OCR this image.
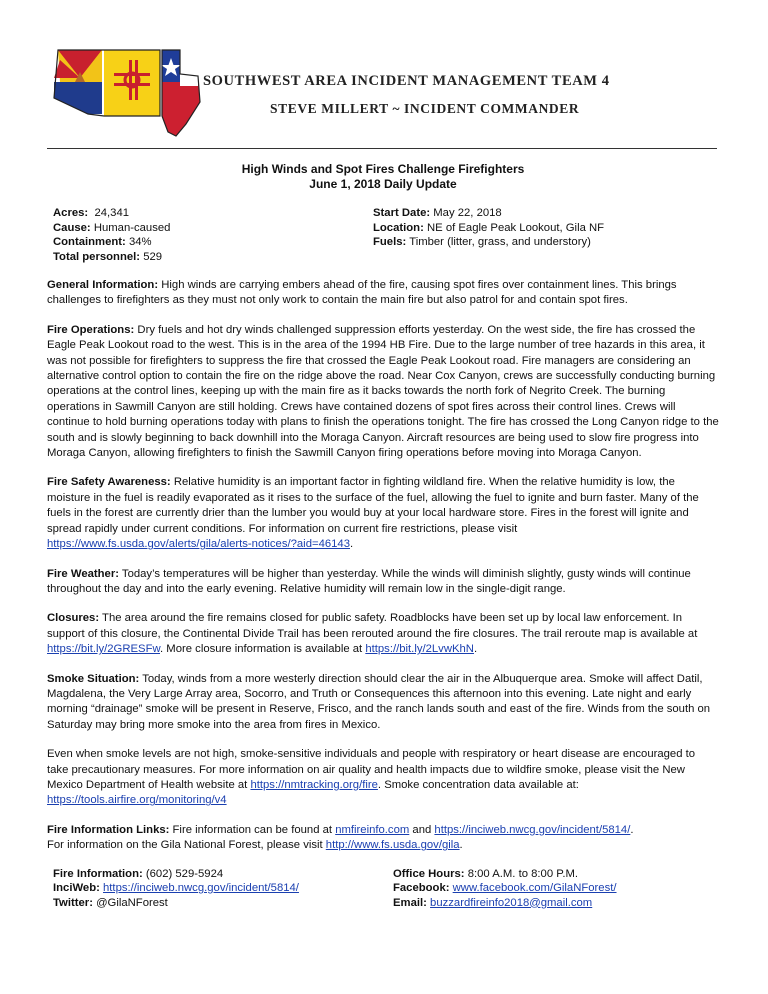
SOUTHWEST AREA INCIDENT MANAGEMENT TEAM 4
STEVE MILLERT ~ INCIDENT COMMANDER
High Winds and Spot Fires Challenge Firefighters
June 1, 2018 Daily Update
Acres: 24,341
Cause: Human-caused
Containment: 34%
Total personnel: 529
Start Date: May 22, 2018
Location: NE of Eagle Peak Lookout, Gila NF
Fuels: Timber (litter, grass, and understory)

General Information: High winds are carrying embers ahead of the fire, causing spot fires over containment lines. This brings challenges to firefighters as they must not only work to contain the main fire but also patrol for and contain spot fires.

Fire Operations: Dry fuels and hot dry winds challenged suppression efforts yesterday. On the west side, the fire has crossed the Eagle Peak Lookout road to the west. This is in the area of the 1994 HB Fire. Due to the large number of tree hazards in this area, it was not possible for firefighters to suppress the fire that crossed the Eagle Peak Lookout road. Fire managers are considering an alternative control option to contain the fire on the ridge above the road. Near Cox Canyon, crews are successfully conducting burning operations at the control lines, keeping up with the main fire as it backs towards the north fork of Negrito Creek. The burning operations in Sawmill Canyon are still holding. Crews have contained dozens of spot fires across their control lines. Crews will continue to hold burning operations today with plans to finish the operations tonight. The fire has crossed the Long Canyon ridge to the south and is slowly beginning to back downhill into the Moraga Canyon. Aircraft resources are being used to slow fire progress into Moraga Canyon, allowing firefighters to finish the Sawmill Canyon firing operations before moving into Moraga Canyon.

Fire Safety Awareness: Relative humidity is an important factor in fighting wildland fire. When the relative humidity is low, the moisture in the fuel is readily evaporated as it rises to the surface of the fuel, allowing the fuel to ignite and burn faster. Many of the fuels in the forest are currently drier than the lumber you would buy at your local hardware store. Fires in the forest will ignite and spread rapidly under current conditions. For information on current fire restrictions, please visit https://www.fs.usda.gov/alerts/gila/alerts-notices/?aid=46143.

Fire Weather: Today’s temperatures will be higher than yesterday. While the winds will diminish slightly, gusty winds will continue throughout the day and into the early evening. Relative humidity will remain low in the single-digit range.

Closures: The area around the fire remains closed for public safety. Roadblocks have been set up by local law enforcement. In support of this closure, the Continental Divide Trail has been rerouted around the fire closures. The trail reroute map is available at https://bit.ly/2GRESFw. More closure information is available at https://bit.ly/2LvwKhN.

Smoke Situation: Today, winds from a more westerly direction should clear the air in the Albuquerque area. Smoke will affect Datil, Magdalena, the Very Large Array area, Socorro, and Truth or Consequences this afternoon into this evening. Late night and early morning “drainage” smoke will be present in Reserve, Frisco, and the ranch lands south and east of the fire. Winds from the south on Saturday may bring more smoke into the area from fires in Mexico.

Even when smoke levels are not high, smoke-sensitive individuals and people with respiratory or heart disease are encouraged to take precautionary measures. For more information on air quality and health impacts due to wildfire smoke, please visit the New Mexico Department of Health website at https://nmtracking.org/fire. Smoke concentration data available at: https://tools.airfire.org/monitoring/v4

Fire Information Links: Fire information can be found at nmfireinfo.com and https://inciweb.nwcg.gov/incident/5814/.
For information on the Gila National Forest, please visit http://www.fs.usda.gov/gila.

Fire Information: (602) 529-5924
InciWeb: https://inciweb.nwcg.gov/incident/5814/
Twitter: @GilaNForest
Office Hours: 8:00 A.M. to 8:00 P.M.
Facebook: www.facebook.com/GilaNForest/
Email: buzzardfireinfo2018@gmail.com
